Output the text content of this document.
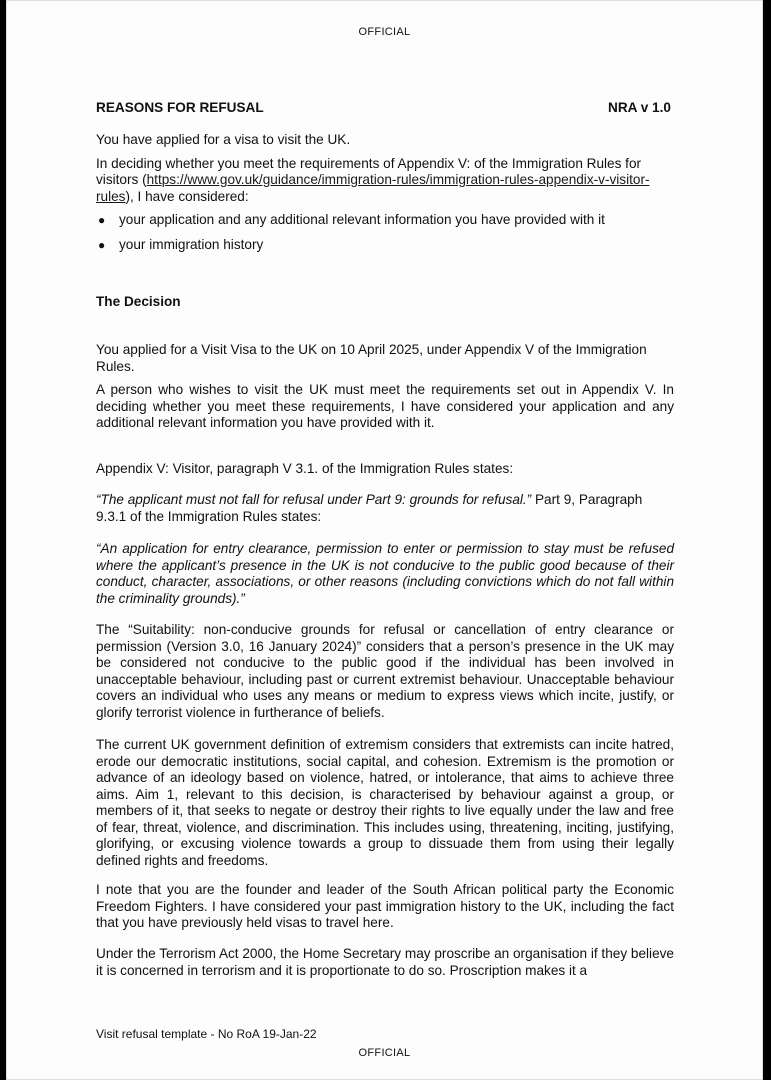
OFFICIAL
REASONS FOR REFUSAL	NRA v 1.0

You have applied for a visa to visit the UK.

In deciding whether you meet the requirements of Appendix V: of the Immigration Rules for visitors (https://www.gov.uk/guidance/immigration-rules/immigration-rules-appendix-v-visitor-
rules), I have considered:

● your application and any additional relevant information you have provided with it
● your immigration history
The Decision

You applied for a Visit Visa to the UK on 10 April 2025, under Appendix V of the Immigration Rules.

A person who wishes to visit the UK must meet the requirements set out in Appendix V. In deciding whether you meet these requirements, I have considered your application and any additional relevant information you have provided with it.

Appendix V: Visitor, paragraph V 3.1. of the Immigration Rules states:

“The applicant must not fall for refusal under Part 9: grounds for refusal.” Part 9, Paragraph 9.3.1 of the Immigration Rules states:

“An application for entry clearance, permission to enter or permission to stay must be refused where the applicant’s presence in the UK is not conducive to the public good because of their conduct, character, associations, or other reasons (including convictions which do not fall within the criminality grounds).”
The “Suitability: non-conducive grounds for refusal or cancellation of entry clearance or permission (Version 3.0, 16 January 2024)” considers that a person’s presence in the UK may be considered not conducive to the public good if the individual has been involved in unacceptable behaviour, including past or current extremist behaviour. Unacceptable behaviour covers an individual who uses any means or medium to express views which incite, justify, or glorify terrorist violence in furtherance of beliefs.
The current UK government definition of extremism considers that extremists can incite hatred, erode our democratic institutions, social capital, and cohesion. Extremism is the promotion or advance of an ideology based on violence, hatred, or intolerance, that aims to achieve three aims. Aim 1, relevant to this decision, is characterised by behaviour against a group, or members of it, that seeks to negate or destroy their rights to live equally under the law and free of fear, threat, violence, and discrimination. This includes using, threatening, inciting, justifying, glorifying, or excusing violence towards a group to dissuade them from using their legally defined rights and freedoms.
I note that you are the founder and leader of the South African political party the Economic Freedom Fighters. I have considered your past immigration history to the UK, including the fact that you have previously held visas to travel here.
Under the Terrorism Act 2000, the Home Secretary may proscribe an organisation if they believe it is concerned in terrorism and it is proportionate to do so. Proscription makes it a
Visit refusal template - No RoA 19-Jan-22
OFFICIAL
